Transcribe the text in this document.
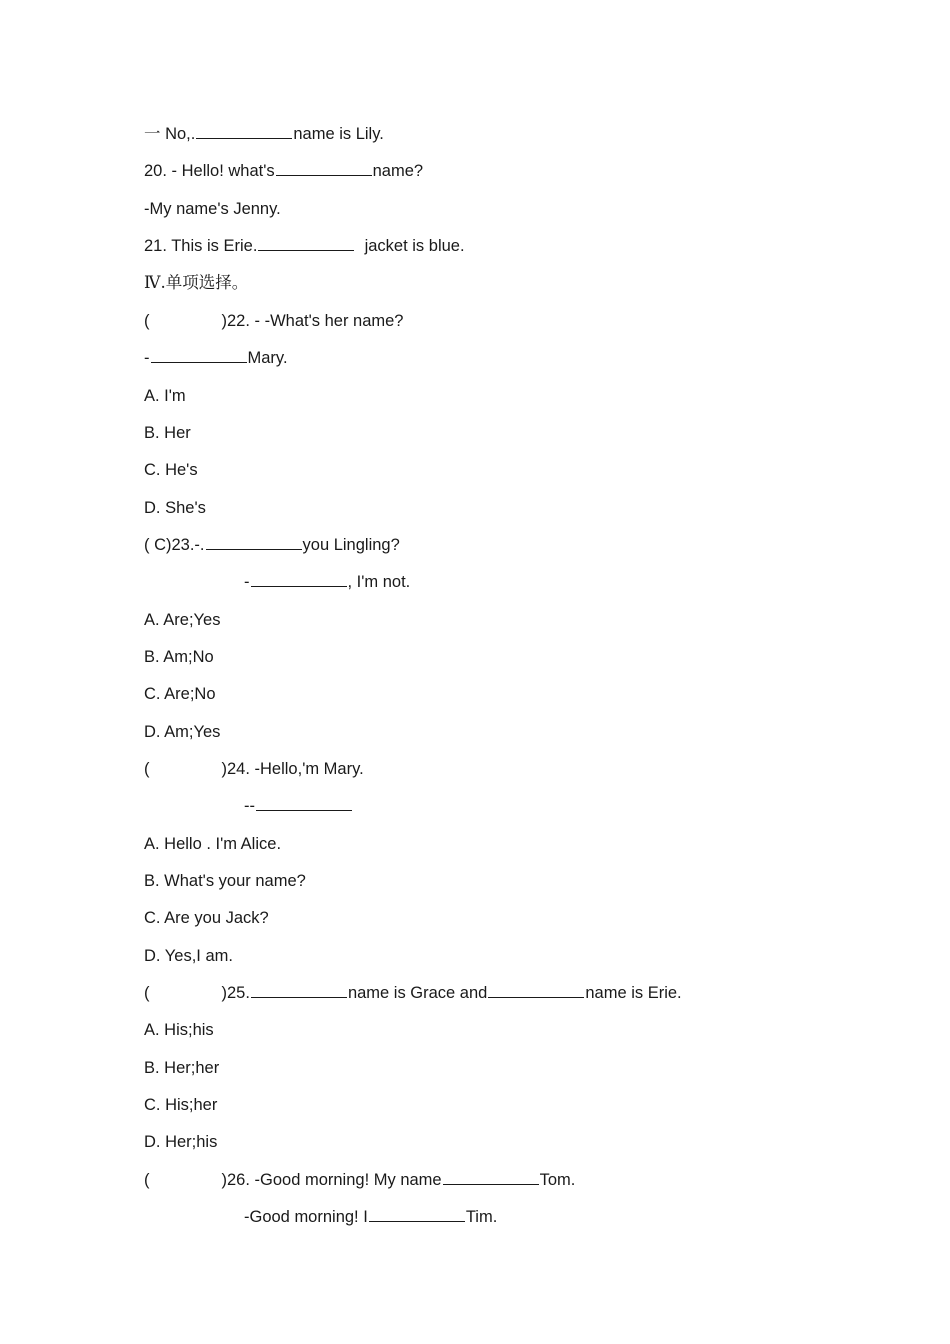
一 No,.	name is Lily.
20. - Hello! what's	name?
-My name's Jenny.
21. This is Erie.	jacket is blue.
Ⅳ.单项选择。
(	)22. - -What's her name?
-	Mary.
A. I'm
B. Her
C. He's
D. She's
( C)23.-.	you Lingling?
-	, I'm not.
A. Are;Yes
B. Am;No
C. Are;No
D. Am;Yes
(	)24. -Hello,'m Mary.
--
A. Hello . I'm Alice.
B. What's your name?
C. Are you Jack?
D. Yes,I am.
(	)25.	name is Grace and	name is Erie.
A. His;his
B. Her;her
C. His;her
D. Her;his
(	)26. -Good morning! My name	Tom.
-Good morning! I	Tim.
